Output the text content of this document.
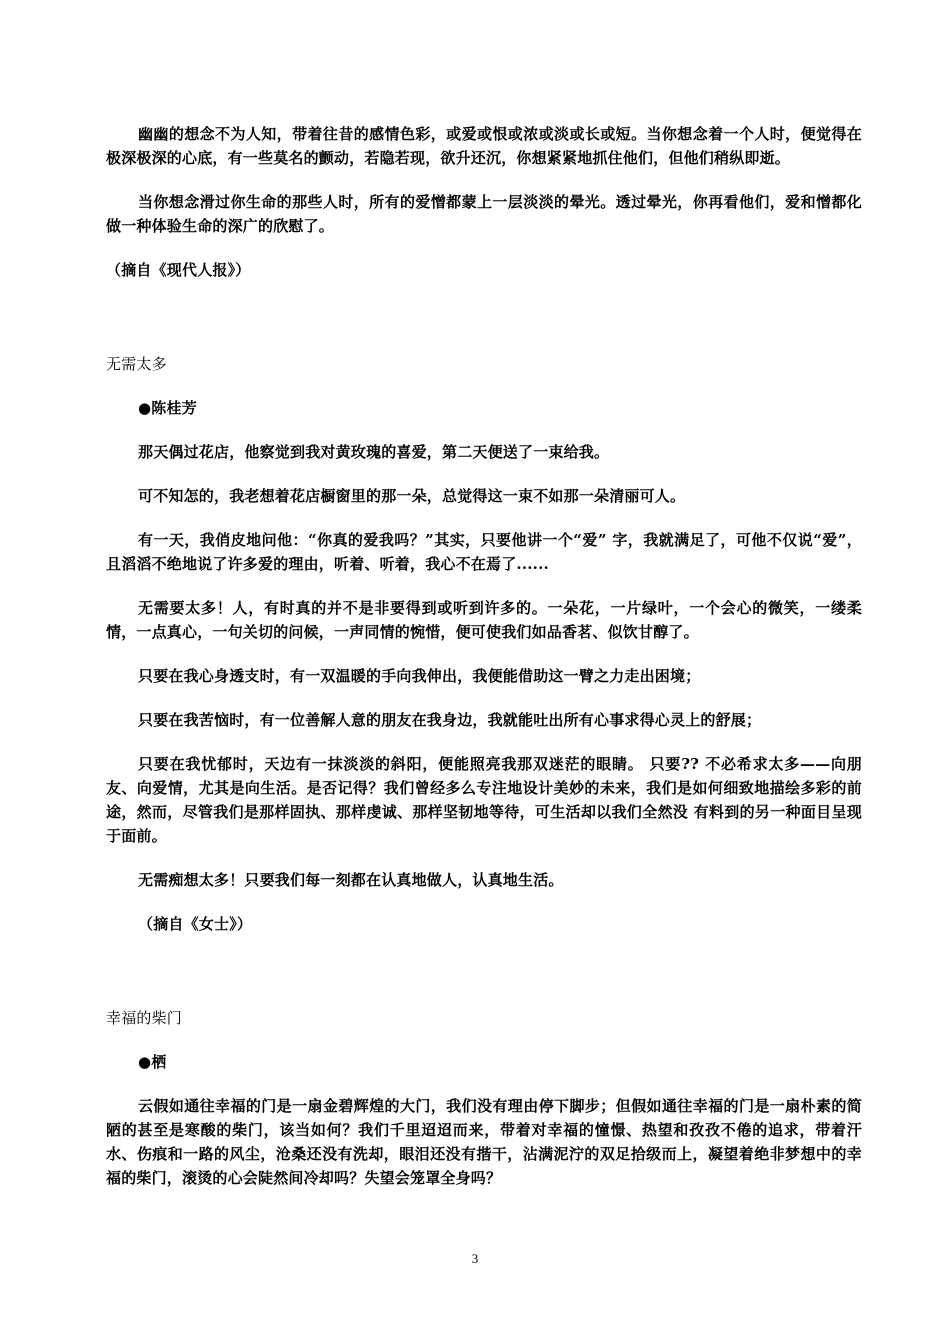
幽幽的想念不为人知，带着往昔的感情色彩，或爱或恨或浓或淡或长或短。当你想念着一个人时，便觉得在极深极深的心底，有一些莫名的颤动，若隐若现，欲升还沉，你想紧紧地抓住他们，但他们稍纵即逝。

当你想念滑过你生命的那些人时，所有的爱憎都蒙上一层淡淡的晕光。透过晕光，你再看他们，爱和憎都化做一种体验生命的深广的欣慰了。

（摘自《现代人报》）

无需太多

●陈桂芳

那天偶过花店，他察觉到我对黄玫瑰的喜爱，第二天便送了一束给我。

可不知怎的，我老想着花店橱窗里的那一朵，总觉得这一束不如那一朵清丽可人。

有一天，我俏皮地问他：“你真的爱我吗？”其实，只要他讲一个“爱” 字，我就满足了，可他不仅说“爱”，且滔滔不绝地说了许多爱的理由，听着、听着，我心不在焉了......

无需要太多！人，有时真的并不是非要得到或听到许多的。一朵花，一片绿叶，一个会心的微笑，一缕柔情，一点真心，一句关切的问候，一声同情的惋惜，便可使我们如品香茗、似饮甘醇了。

只要在我心身透支时，有一双温暖的手向我伸出，我便能借助这一臂之力走出困境；

只要在我苦恼时，有一位善解人意的朋友在我身边，我就能吐出所有心事求得心灵上的舒展；

只要在我忧郁时，天边有一抹淡淡的斜阳，便能照亮我那双迷茫的眼睛。 只要?? 不必希求太多——向朋友、向爱情，尤其是向生活。是否记得？我们曾经多么专注地设计美妙的未来，我们是如何细致地描绘多彩的前途，然而，尽管我们是那样固执、那样虔诚、那样坚韧地等待，可生活却以我们全然没 有料到的另一种面目呈现于面前。

无需痴想太多！只要我们每一刻都在认真地做人，认真地生活。

（摘自《女士》）

幸福的柴门

●栖

云假如通往幸福的门是一扇金碧辉煌的大门，我们没有理由停下脚步；但假如通往幸福的门是一扇朴素的简陋的甚至是寒酸的柴门，该当如何？我们千里迢迢而来，带着对幸福的憧憬、热望和孜孜不倦的追求，带着汗水、伤痕和一路的风尘，沧桑还没有洗却，眼泪还没有揩干，沾满泥泞的双足拾级而上，凝望着绝非梦想中的幸福的柴门，滚烫的心会陡然间冷却吗？失望会笼罩全身吗？

3
